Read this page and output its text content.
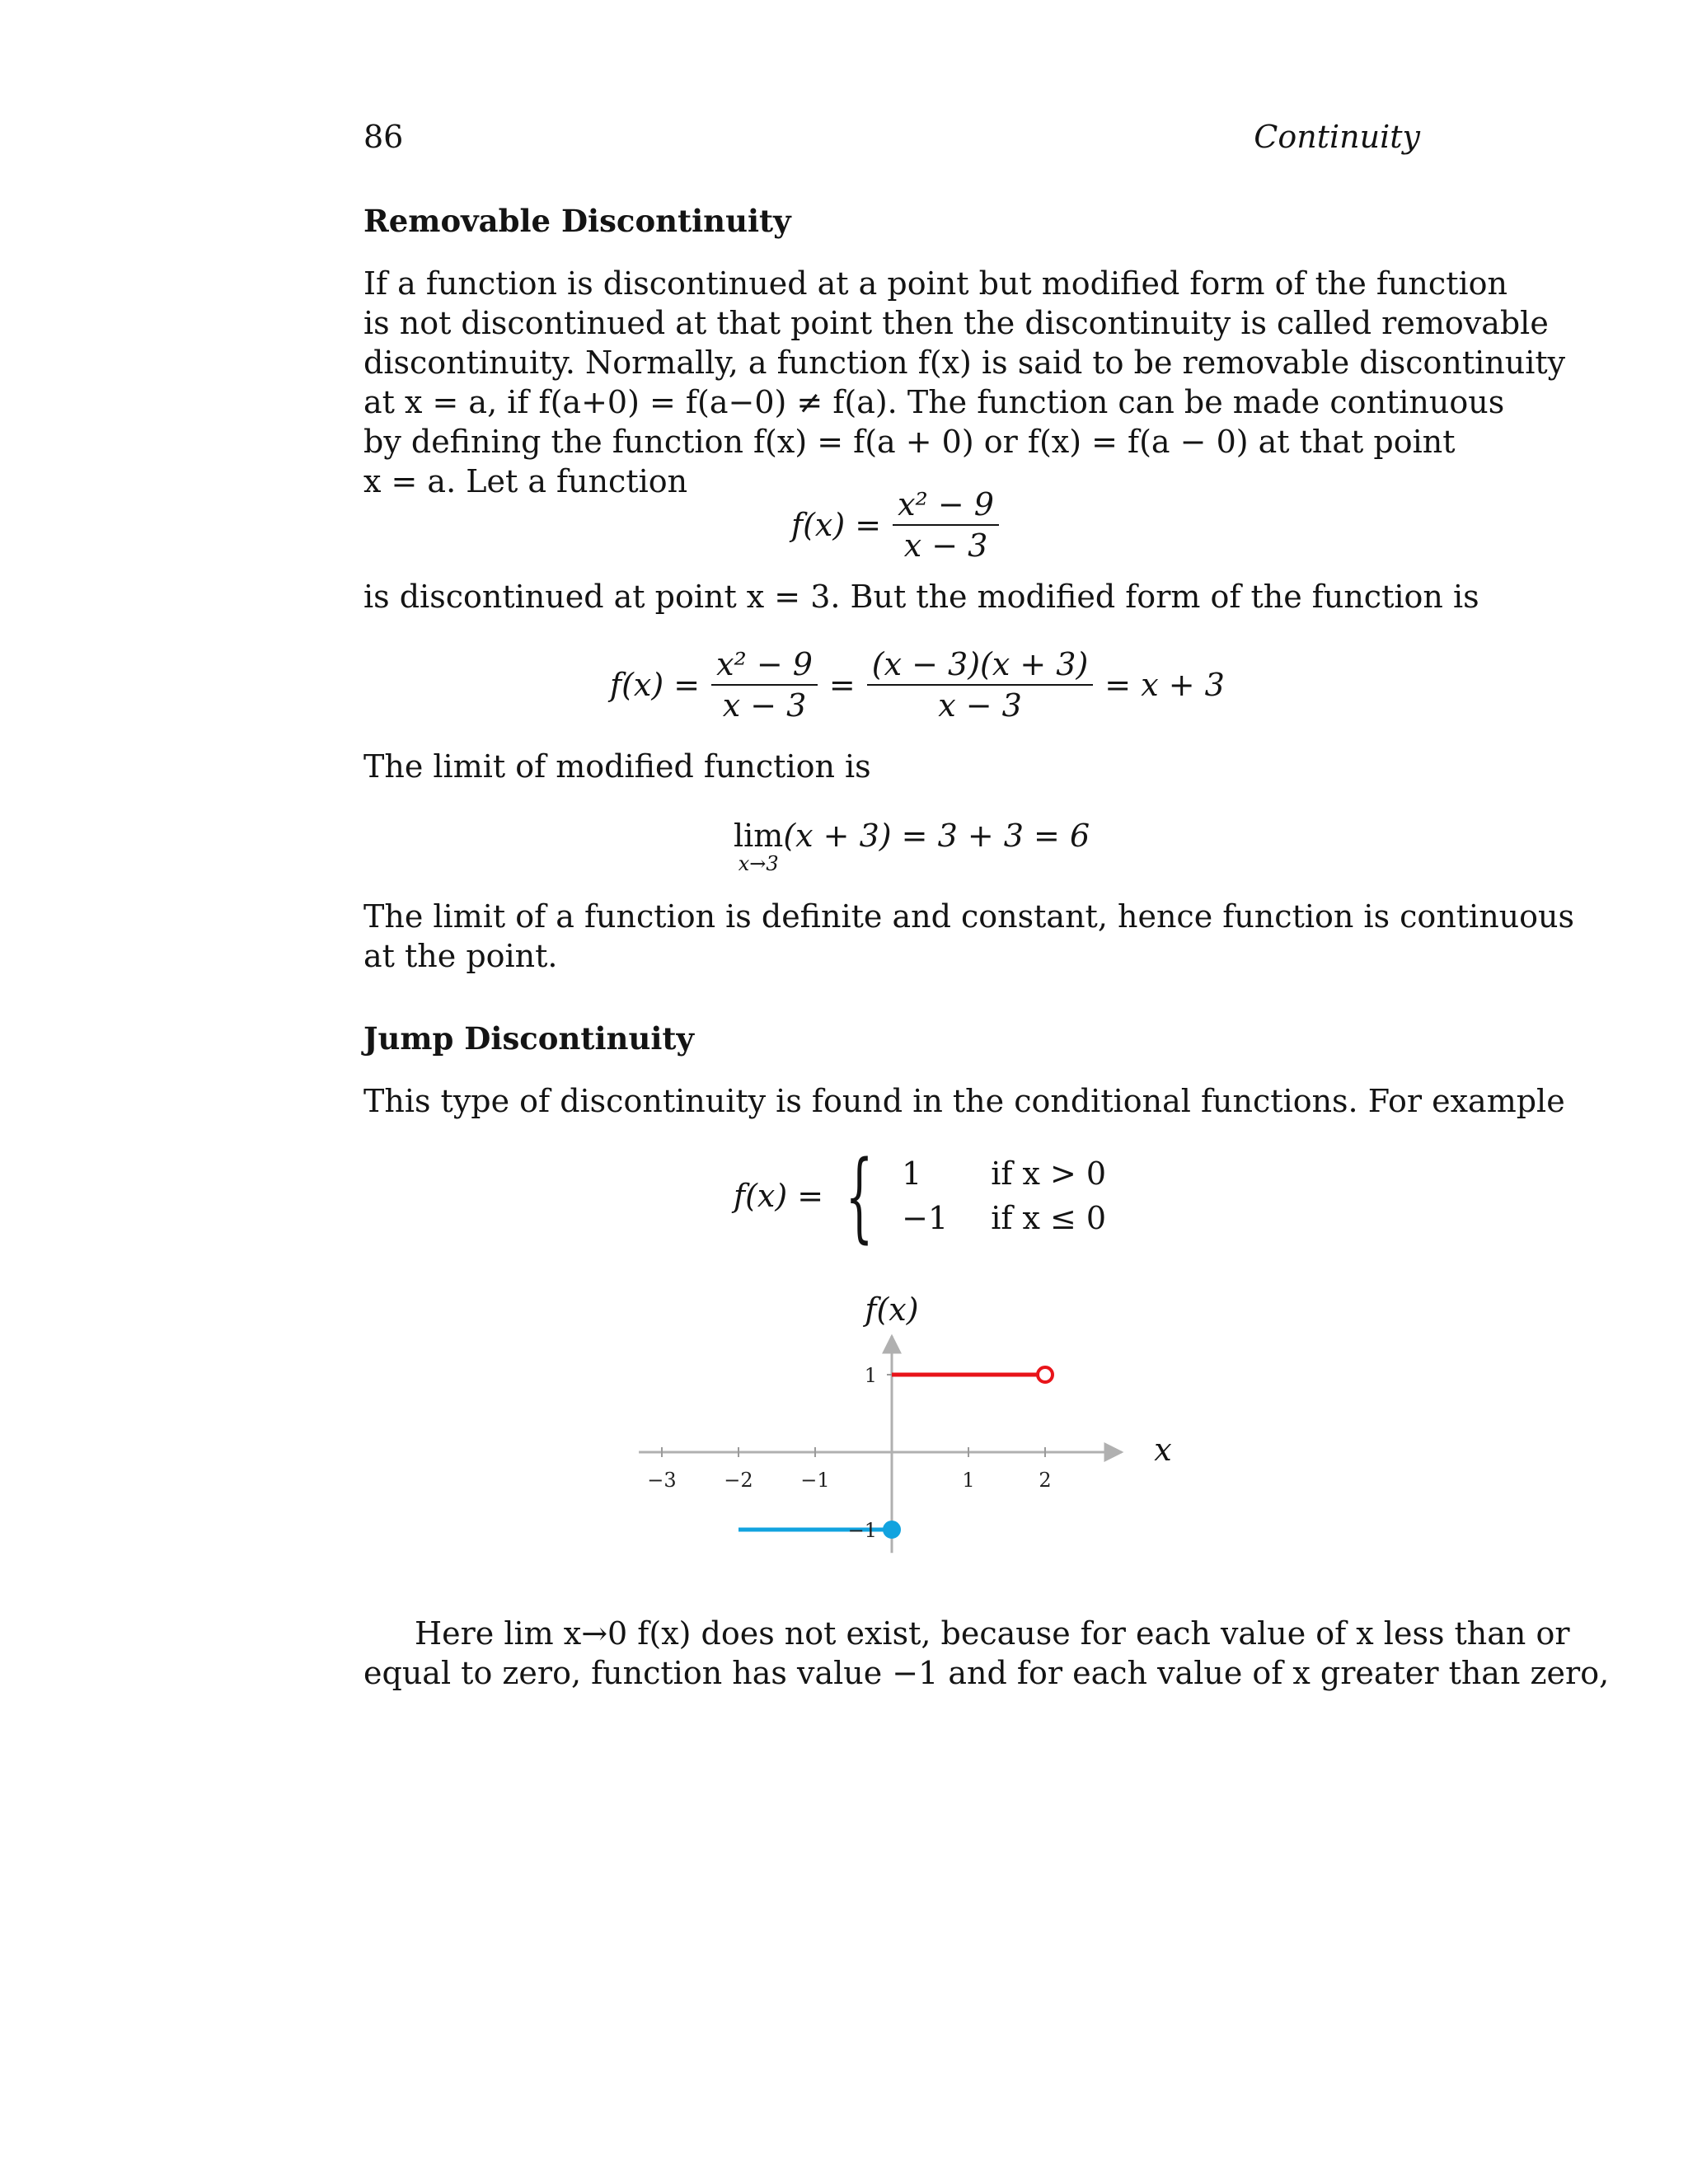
86	Continuity
Removable Discontinuity
If a function is discontinued at a point but modified form of the function
is not discontinued at that point then the discontinuity is called removable
discontinuity. Normally, a function f(x) is said to be removable discontinuity
at x = a, if f(a+0) = f(a−0) ≠ f(a). The function can be made continuous
by defining the function f(x) = f(a + 0) or f(x) = f(a − 0) at that point
x = a. Let a function
$f(x) = \frac{\text{x² − 9}}{x - 3}$
is discontinued at point x = 3. But the modified form of the function is
$f(x) = \frac{\text{x² − 9}}{x - 3} = \frac{(x - 3)(x + 3)}{x - 3} = x + 3$
The limit of modified function is
lim
x→3
(x + 3) = 3 + 3 = 6
The limit of a function is definite and constant, hence function is continuous
at the point.
Jump Discontinuity
This type of discontinuity is found in the conditional functions. For example
f(x) = { 1	if x > 0
−1	if x ≤ 0
−3 −2 −1	1	2
1
−1
f(x)
x
Here lim x→0 f(x) does not exist, because for each value of x less than or
equal to zero, function has value −1 and for each value of x greater than zero,
